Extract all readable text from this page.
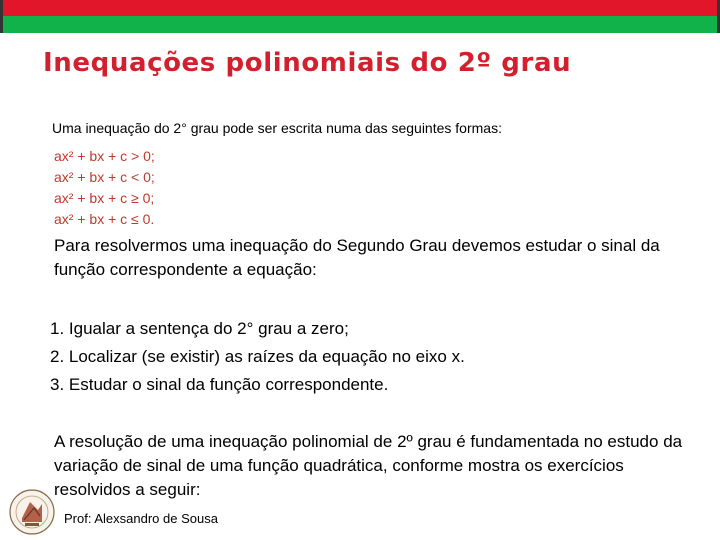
Inequações polinomiais do 2º grau
Uma inequação do 2° grau pode ser escrita numa das seguintes formas:
ax² + bx + c > 0;
ax² + bx + c < 0;
ax² + bx + c ≥ 0;
ax² + bx + c ≤ 0.

Para resolvermos uma inequação do Segundo Grau devemos estudar o sinal da função correspondente a equação:

1. Igualar a sentença do 2° grau a zero;
2. Localizar (se existir) as raízes da equação no eixo x.
3. Estudar o sinal da função correspondente.

A resolução de uma inequação polinomial de 2º grau é fundamentada no estudo da variação de sinal de uma função quadrática, conforme mostra os exercícios resolvidos a seguir:

Prof: Alexsandro de Sousa
